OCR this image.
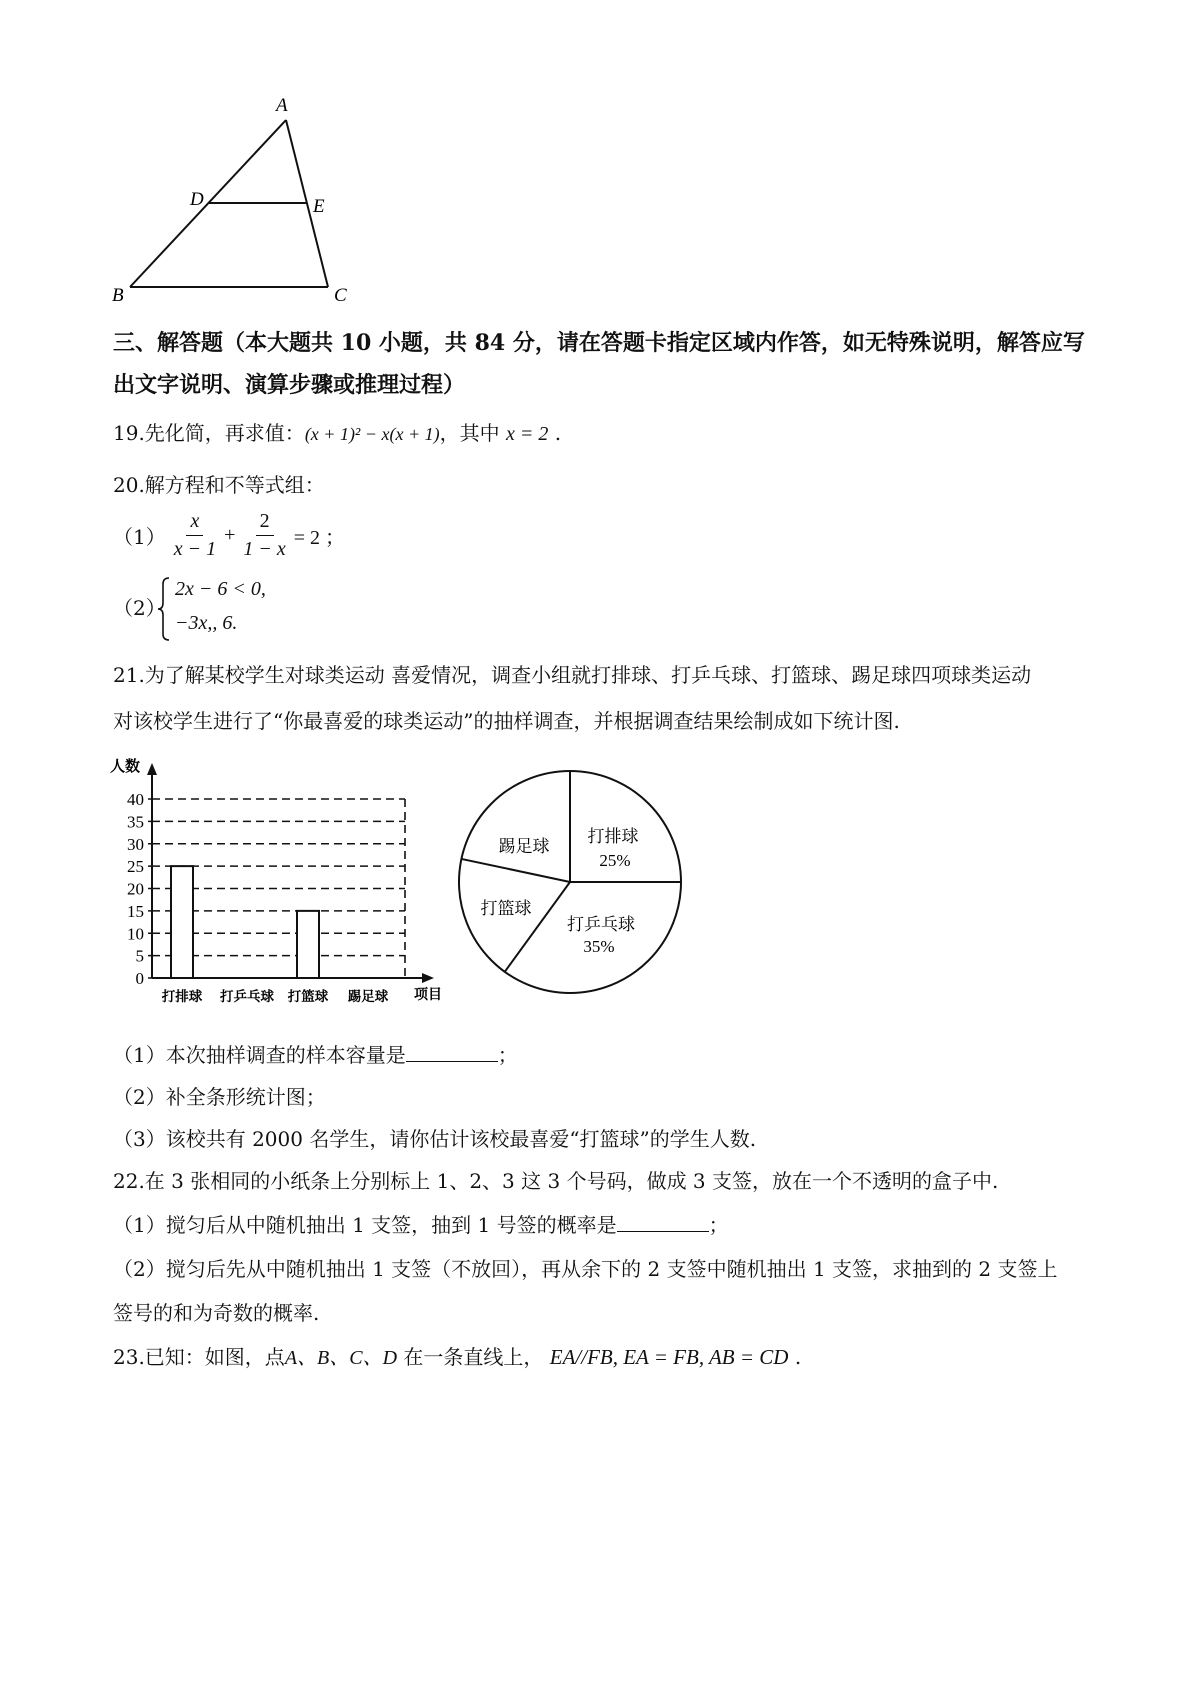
A
D	E
B	C
三、解答题（本大题共 10 小题，共 84 分，请在答题卡指定区域内作答，如无特殊说明，解答应写出文字说明、演算步骤或推理过程）
19.先化简，再求值：(x + 1)² − x(x + 1)，其中 x = 2 .
20.解方程和不等式组：
$(1) \frac{x}{x - 1} + \frac{2}{1 - x} = 2$ ；
（2）
2x − 6 < 0,
−3x,, 6.
21.为了解某校学生对球类运动 喜爱情况，调查小组就打排球、打乒乓球、打篮球、踢足球四项球类运动
对该校学生进行了“你最喜爱的球类运动”的抽样调查，并根据调查结果绘制成如下统计图.
人数
项目
0
5
10
15
20
25
30
35
40
打排球 打乒乓球 打篮球 踢足球
打排球
25%
打乒乓球
35%
打篮球
踢足球
（1）本次抽样调查的样本容量是	；
（2）补全条形统计图；
（3）该校共有 2000 名学生，请你估计该校最喜爱“打篮球”的学生人数.
22.在 3 张相同的小纸条上分别标上 1、2、3 这 3 个号码，做成 3 支签，放在一个不透明的盒子中.
（1）搅匀后从中随机抽出 1 支签，抽到 1 号签的概率是	；
（2）搅匀后先从中随机抽出 1 支签（不放回），再从余下的 2 支签中随机抽出 1 支签，求抽到的 2 支签上
签号的和为奇数的概率.
23.已知：如图，点A、B、C、D 在一条直线上， EA//FB, EA = FB, AB = CD .
